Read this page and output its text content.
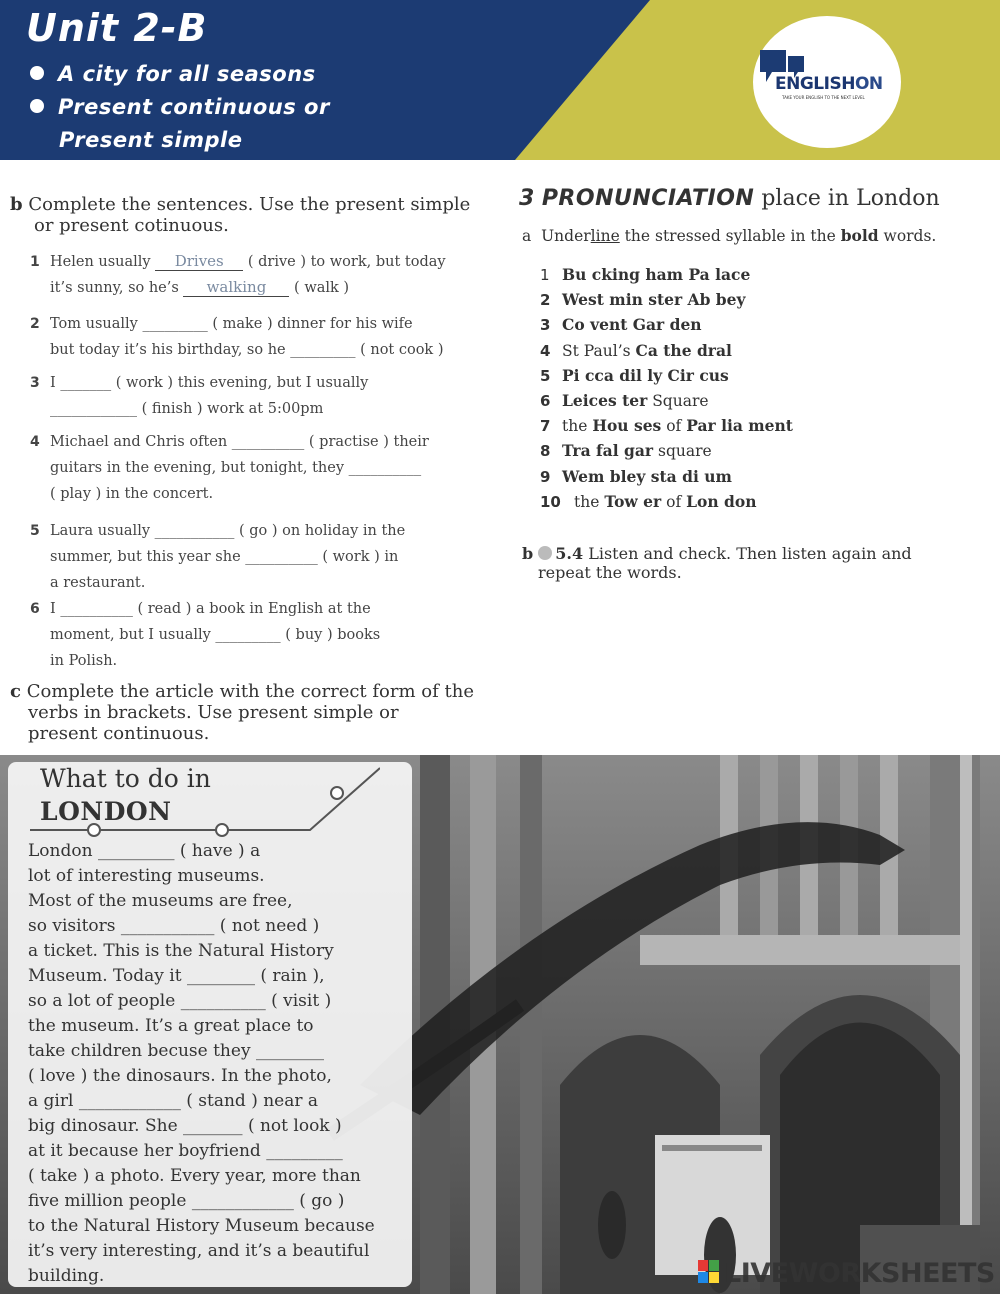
Unit 2-B
A city for all seasons
Present continuous or
Present simple
ENGLISHON
TAKE YOUR ENGLISH TO THE NEXT LEVEL
b Complete the sentences. Use the present simple
or present cotinuous.
1 Helen usually Drives ( drive ) to work, but today
it’s sunny, so he’s walking ( walk )
2 Tom usually _________ ( make ) dinner for his wife
but today it’s his birthday, so he _________ ( not cook )
3 I _______ ( work ) this evening, but I usually
____________ ( finish ) work at 5:00pm
4 Michael and Chris often __________ ( practise ) their
guitars in the evening, but tonight, they __________
( play ) in the concert.
5 Laura usually ___________ ( go ) on holiday in the
summer, but this year she __________ ( work ) in
a restaurant.
6 I __________ ( read ) a book in English at the
moment, but I usually _________ ( buy ) books
in Polish.
c Complete the article with the correct form of the
verbs in brackets. Use present simple or
present continuous.
3 PRONUNCIATION place in London
a Underline the stressed syllable in the bold words.
1 Bu cking ham Pa lace
2 West min ster Ab bey
3 Co vent Gar den
4 St Paul’s Ca the dral
5 Pi cca dil ly Cir cus
6 Leices ter Square
7 the Hou ses of Par lia ment
8 Tra fal gar square
9 Wem bley sta di um
10 the Tow er of Lon don
b 5.4 Listen and check. Then listen again and
repeat the words.
What to do in
LONDON
London _________ ( have ) a
lot of interesting museums.
Most of the museums are free,
so visitors ___________ ( not need )
a ticket. This is the Natural History
Museum. Today it ________ ( rain ),
so a lot of people __________ ( visit )
the museum. It’s a great place to
take children becuse they ________
( love ) the dinosaurs. In the photo,
a girl ____________ ( stand ) near a
big dinosaur. She _______ ( not look )
at it because her boyfriend _________
( take ) a photo. Every year, more than
five million people ____________ ( go )
to the Natural History Museum because
it’s very interesting, and it’s a beautiful
building.	LIVEWORKSHEETS
